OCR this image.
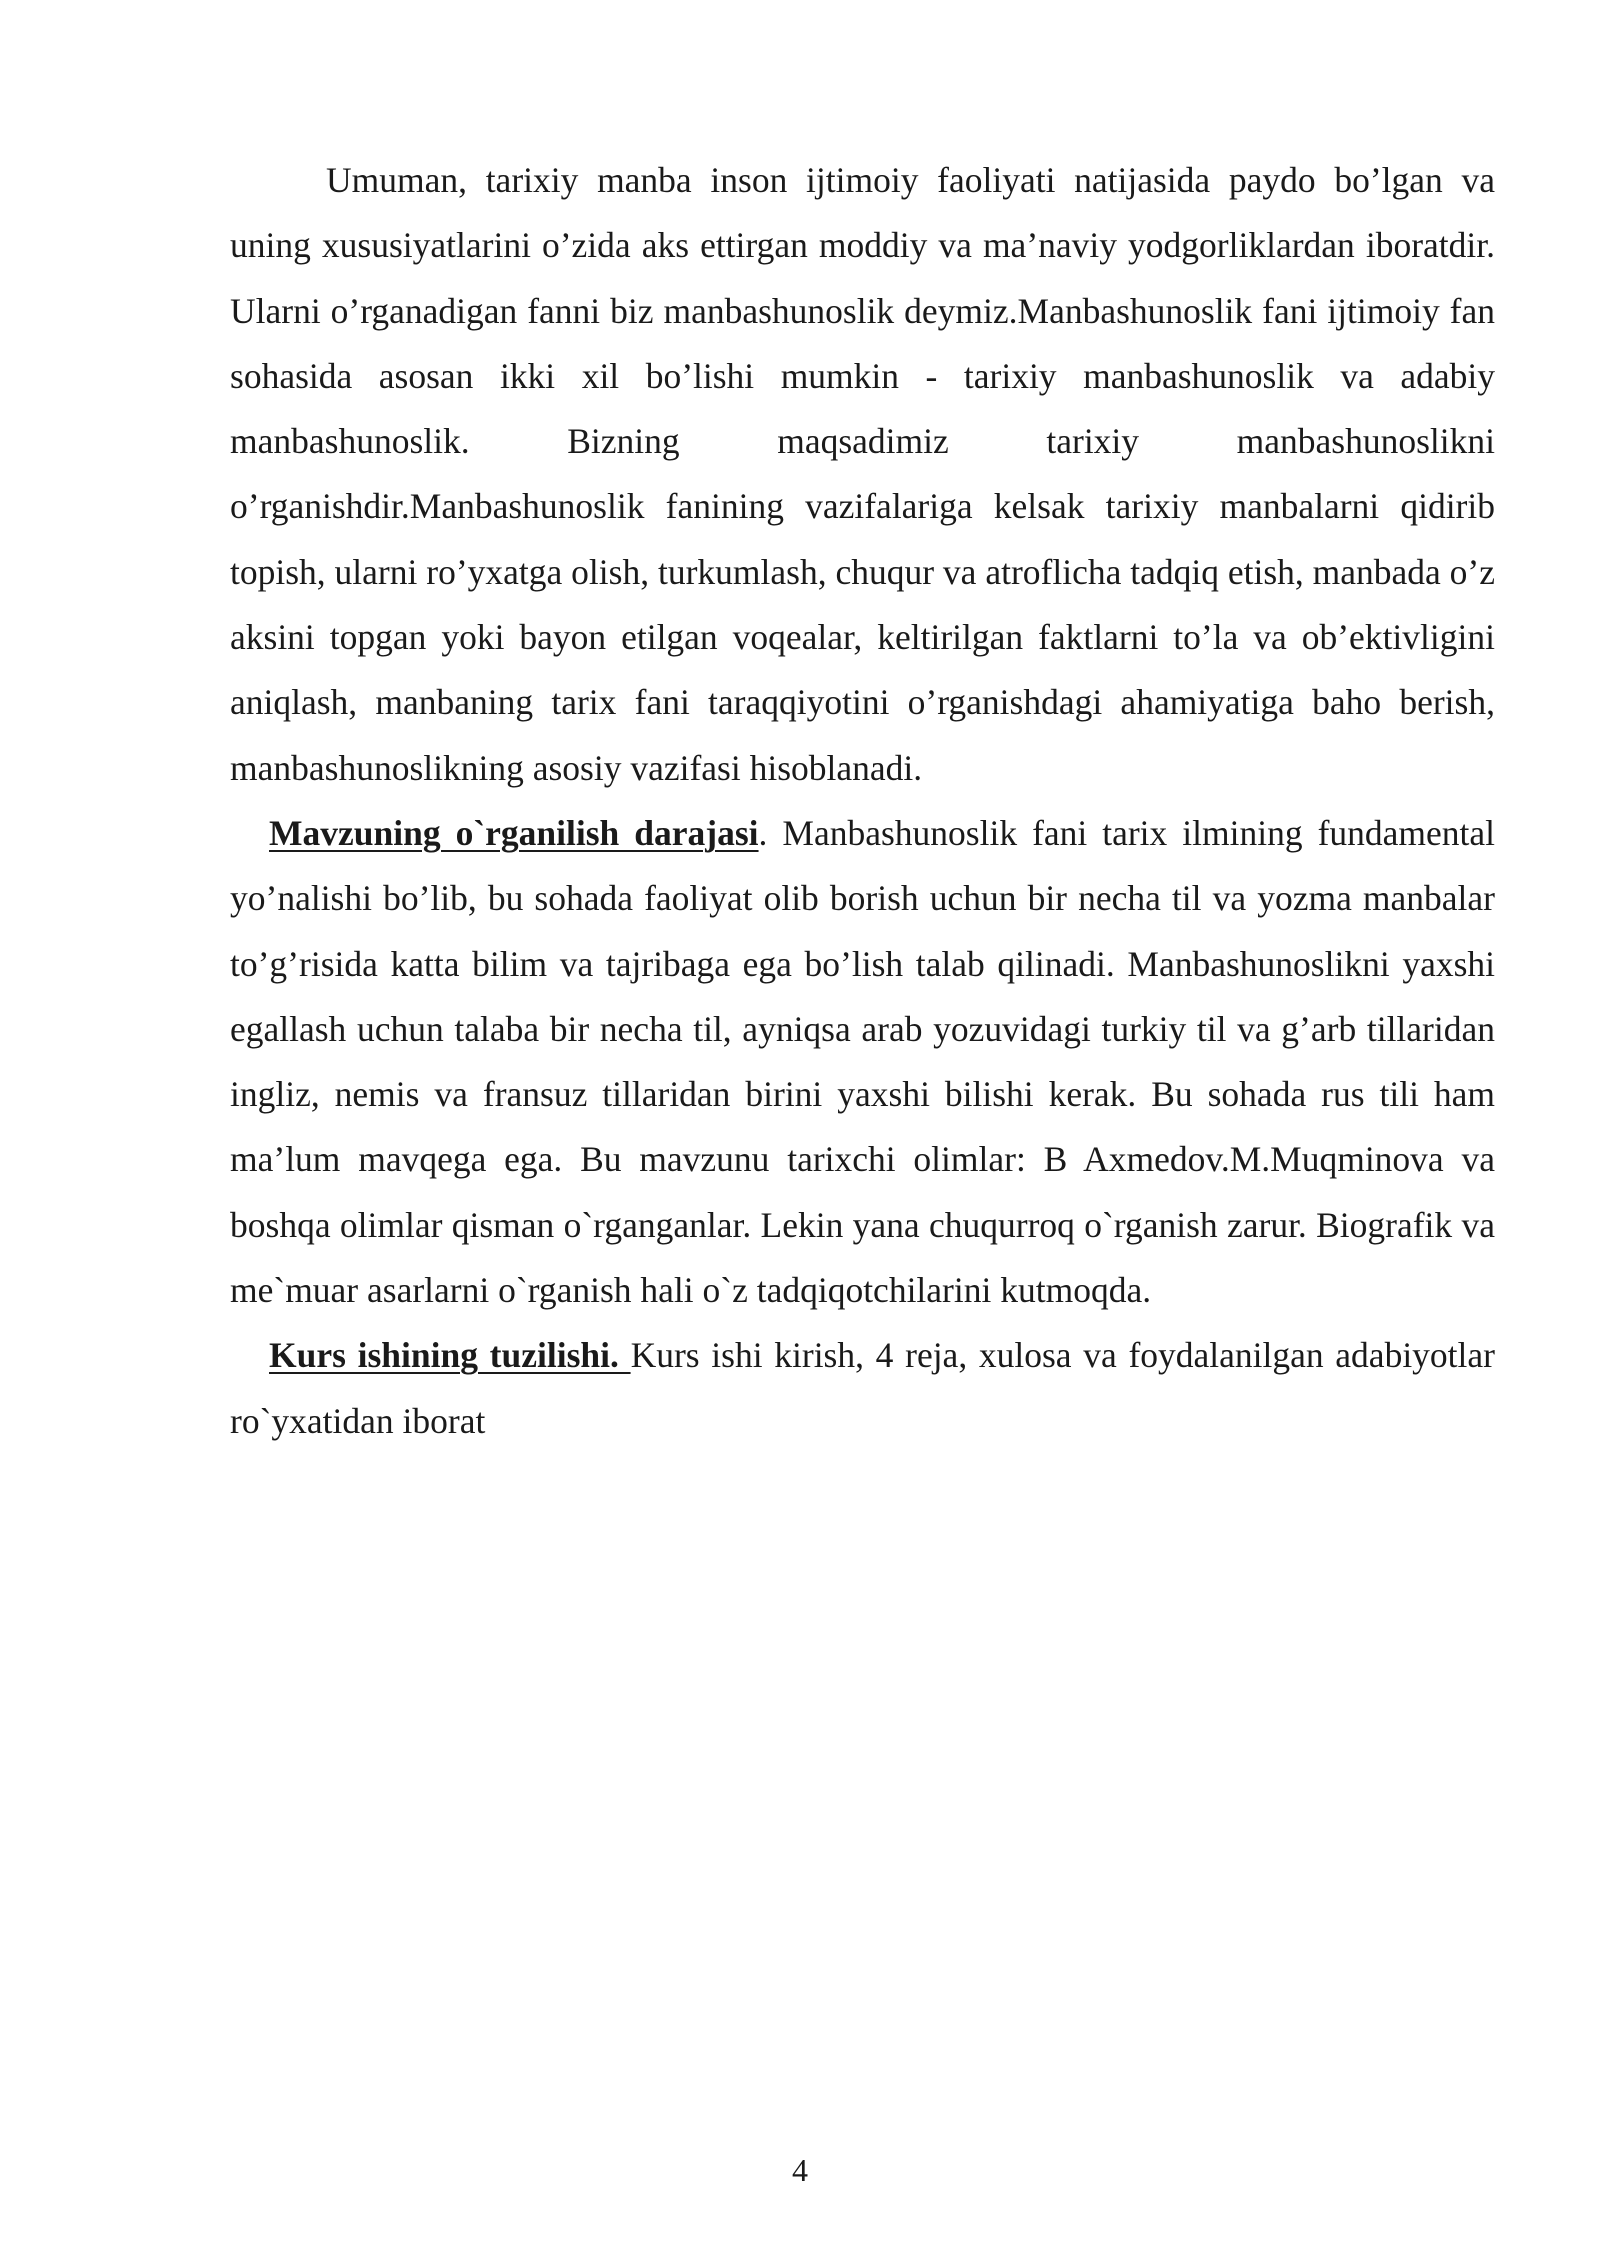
Umuman, tarixiy manba inson ijtimoiy faoliyati natijasida paydo bo’lgan va uning xususiyatlarini o’zida aks ettirgan moddiy va ma’naviy yodgorliklardan iboratdir. Ularni o’rganadigan fanni biz manbashunoslik deymiz.Manbashunoslik fani ijtimoiy fan sohasida asosan ikki xil bo’lishi mumkin - tarixiy manbashunoslik va adabiy manbashunoslik. Bizning maqsadimiz tarixiy manbashunoslikni o’rganishdir.Manbashunoslik fanining vazifalariga kelsak tarixiy manbalarni qidirib topish, ularni ro’yxatga olish, turkumlash, chuqur va atroflicha tadqiq etish, manbada o’z aksini topgan yoki bayon etilgan voqealar, keltirilgan faktlarni to’la va ob’ektivligini aniqlash, manbaning tarix fani taraqqiyotini o’rganishdagi ahamiyatiga baho berish, manbashunoslikning asosiy vazifasi hisoblanadi.

Mavzuning o`rganilish darajasi. Manbashunoslik fani tarix ilmining fundamental yo’nalishi bo’lib, bu sohada faoliyat olib borish uchun bir necha til va yozma manbalar to’g’risida katta bilim va tajribaga ega bo’lish talab qilinadi. Manbashunoslikni yaxshi egallash uchun talaba bir necha til, ayniqsa arab yozuvidagi turkiy til va g’arb tillaridan ingliz, nemis va fransuz tillaridan birini yaxshi bilishi kerak. Bu sohada rus tili ham ma’lum mavqega ega. Bu mavzunu tarixchi olimlar: B Axmedov.M.Muqminova va boshqa olimlar qisman o`rganganlar. Lekin yana chuqurroq o`rganish zarur. Biografik va me`muar asarlarni o`rganish hali o`z tadqiqotchilarini kutmoqda.

Kurs ishining tuzilishi. Kurs ishi kirish, 4 reja, xulosa va foydalanilgan adabiyotlar ro`yxatidan iborat

4
